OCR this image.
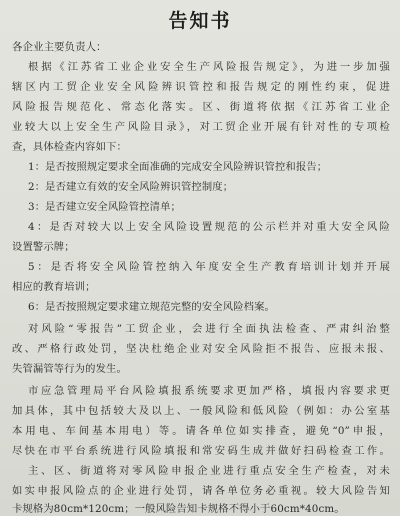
告知书
各企业主要负责人：
根据《江苏省工业企业安全生产风险报告规定》，为进一步加强
辖区内工贸企业安全风险辨识管控和报告规定的刚性约束，促进
风险报告规范化、常态化落实。区、街道将依据《江苏省工业企
业较大以上安全生产风险目录》，对工贸企业开展有针对性的专项检
查，具体检查内容如下：
1：是否按照规定要求全面准确的完成安全风险辨识管控和报告；
2：是否建立有效的安全风险辨识管控制度；
3：是否建立安全风险管控清单；
4：是否对较大以上安全风险设置规范的公示栏并对重大安全风险
设置警示牌；
5：是否将安全风险管控纳入年度安全生产教育培训计划并开展
相应的教育培训；
6：是否按照规定要求建立规范完整的安全风险档案。
对风险“零报告”工贸企业，会进行全面执法检查、严肃纠治整
改、严格行政处罚，坚决杜绝企业对安全风险拒不报告、应报未报、
失管漏管等行为的发生。
市应急管理局平台风险填报系统要求更加严格，填报内容要求更
加具体，其中包括较大及以上、一般风险和低风险（例如：办公室基
本用电、车间基本用电）等。请各单位如实排查，避免“0”申报，
尽快在市平台系统进行风险填报和常安码生成并做好扫码检查工作。
主、区、街道将对零风险申报企业进行重点安全生产检查，对未
如实申报风险点的企业进行处罚，请各单位务必重视。较大风险告知
卡规格为80cm*120cm；一般风险告知卡规格不得小于60cm*40cm。
